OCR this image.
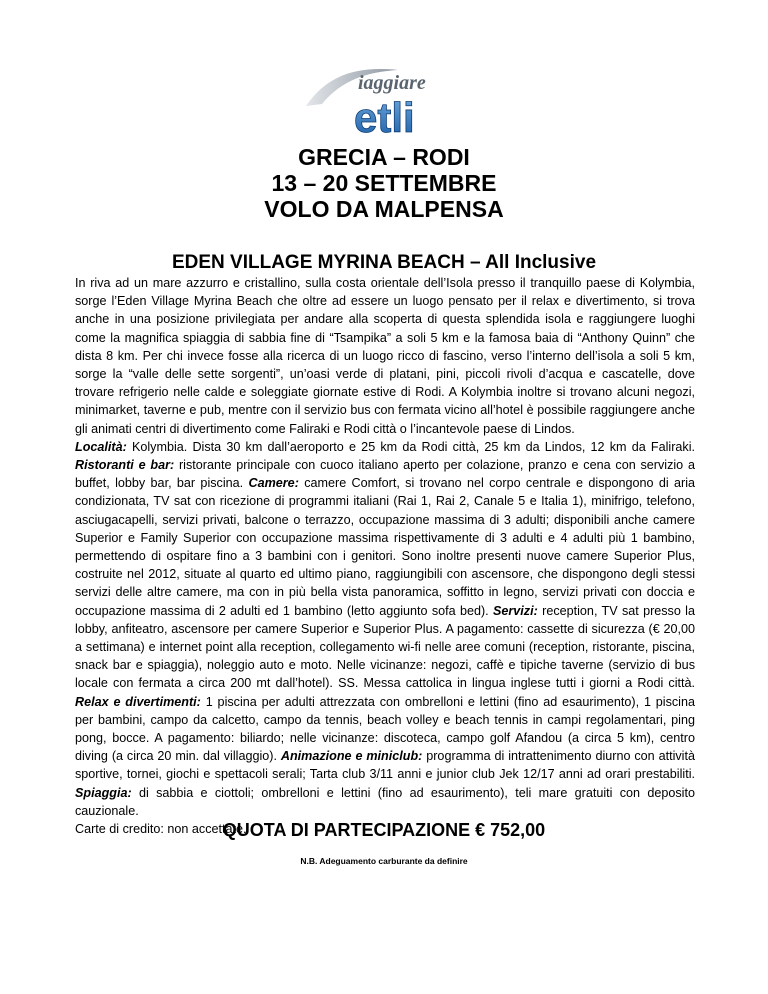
iaggiare
etli
GRECIA – RODI
13 – 20 SETTEMBRE
VOLO DA MALPENSA
EDEN VILLAGE MYRINA BEACH – All Inclusive

In riva ad un mare azzurro e cristallino, sulla costa orientale dell’Isola presso il tranquillo paese di Kolymbia, sorge l’Eden Village Myrina Beach che oltre ad essere un luogo pensato per il relax e divertimento, si trova anche in una posizione privilegiata per andare alla scoperta di questa splendida isola e raggiungere luoghi come la magnifica spiaggia di sabbia fine di “Tsampika” a soli 5 km e la famosa baia di “Anthony Quinn” che dista 8 km. Per chi invece fosse alla ricerca di un luogo ricco di fascino, verso l’interno dell’isola a soli 5 km, sorge la “valle delle sette sorgenti”, un’oasi verde di platani, pini, piccoli rivoli d’acqua e cascatelle, dove trovare refrigerio nelle calde e soleggiate giornate estive di Rodi. A Kolymbia inoltre si trovano alcuni negozi, minimarket, taverne e pub, mentre con il servizio bus con fermata vicino all’hotel è possibile raggiungere anche gli animati centri di divertimento come Faliraki e Rodi città o l’incantevole paese di Lindos.

Località: Kolymbia. Dista 30 km dall’aeroporto e 25 km da Rodi città, 25 km da Lindos, 12 km da Faliraki. Ristoranti e bar: ristorante principale con cuoco italiano aperto per colazione, pranzo e cena con servizio a buffet, lobby bar, bar piscina. Camere: camere Comfort, si trovano nel corpo centrale e dispongono di aria condizionata, TV sat con ricezione di programmi italiani (Rai 1, Rai 2, Canale 5 e Italia 1), minifrigo, telefono, asciugacapelli, servizi privati, balcone o terrazzo, occupazione massima di 3 adulti; disponibili anche camere Superior e Family Superior con occupazione massima rispettivamente di 3 adulti e 4 adulti più 1 bambino, permettendo di ospitare fino a 3 bambini con i genitori. Sono inoltre presenti nuove camere Superior Plus, costruite nel 2012, situate al quarto ed ultimo piano, raggiungibili con ascensore, che dispongono degli stessi servizi delle altre camere, ma con in più bella vista panoramica, soffitto in legno, servizi privati con doccia e occupazione massima di 2 adulti ed 1 bambino (letto aggiunto sofa bed). Servizi: reception, TV sat presso la lobby, anfiteatro, ascensore per camere Superior e Superior Plus. A pagamento: cassette di sicurezza (€ 20,00 a settimana) e internet point alla reception, collegamento wi-fi nelle aree comuni (reception, ristorante, piscina, snack bar e spiaggia), noleggio auto e moto. Nelle vicinanze: negozi, caffè e tipiche taverne (servizio di bus locale con fermata a circa 200 mt dall’hotel). SS. Messa cattolica in lingua inglese tutti i giorni a Rodi città. Relax e divertimenti: 1 piscina per adulti attrezzata con ombrelloni e lettini (fino ad esaurimento), 1 piscina per bambini, campo da calcetto, campo da tennis, beach volley e beach tennis in campi regolamentari, ping pong, bocce. A pagamento: biliardo; nelle vicinanze: discoteca, campo golf Afandou (a circa 5 km), centro diving (a circa 20 min. dal villaggio). Animazione e miniclub: programma di intrattenimento diurno con attività sportive, tornei, giochi e spettacoli serali; Tarta club 3/11 anni e junior club Jek 12/17 anni ad orari prestabiliti. Spiaggia: di sabbia e ciottoli; ombrelloni e lettini (fino ad esaurimento), teli mare gratuiti con deposito cauzionale.

Carte di credito: non accettate.

QUOTA DI PARTECIPAZIONE € 752,00
N.B. Adeguamento carburante da definire
